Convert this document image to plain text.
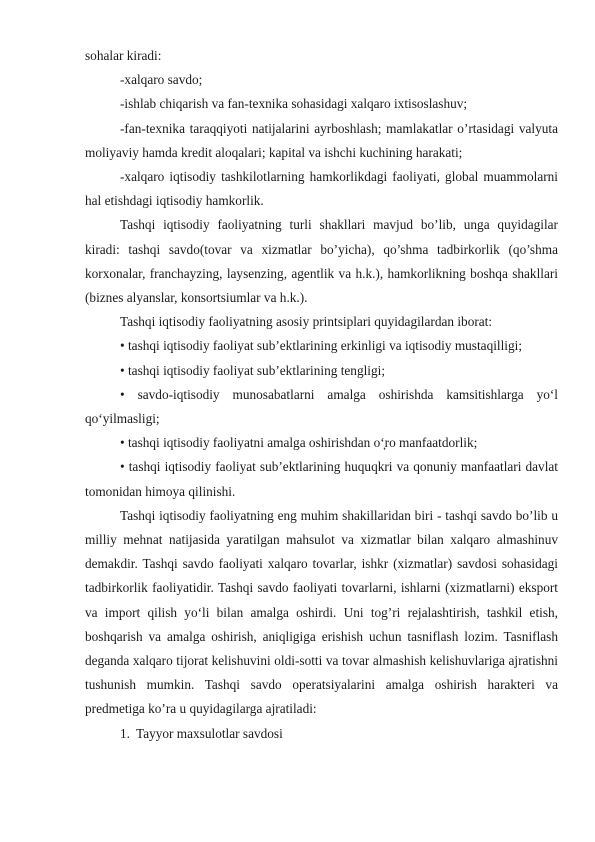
sohalar kiradi:

-xalqaro savdo;

-ishlab chiqarish va fan-texnika sohasidagi xalqaro ixtisoslashuv;

-fan-texnika taraqqiyoti natijalarini ayrboshlash; mamlakatlar o’rtasidagi valyuta moliyaviy hamda kredit aloqalari; kapital va ishchi kuchining harakati;

-xalqaro iqtisodiy tashkilotlarning hamkorlikdagi faoliyati, global muammolarni hal etishdagi iqtisodiy hamkorlik.

Tashqi iqtisodiy faoliyatning turli shakllari mavjud bo’lib, unga quyidagilar kiradi: tashqi savdo(tovar va xizmatlar bo’yicha), qo’shma tadbirkorlik (qo’shma korxonalar, franchayzing, laysenzing, agentlik va h.k.), hamkorlikning boshqa shakllari (biznes alyanslar, konsortsiumlar va h.k.).

Tashqi iqtisodiy faoliyatning asosiy printsiplari quyidagilardan iborat:

• tashqi iqtisodiy faoliyat sub’ektlarining erkinligi va iqtisodiy mustaqilligi;

• tashqi iqtisodiy faoliyat sub’ektlarining tengligi;

• savdo-iqtisodiy munosabatlarni amalga oshirishda kamsitishlarga yo‘l qo‘yilmasligi;

• tashqi iqtisodiy faoliyatni amalga oshirishdan oʻ͎ro manfaatdorlik;

• tashqi iqtisodiy faoliyat sub’ektlarining huquqkri va qonuniy manfaatlari davlat tomonidan himoya qilinishi.

Tashqi iqtisodiy faoliyatning eng muhim shakillaridan biri - tashqi savdo bo’lib u milliy mehnat natijasida yaratilgan mahsulot va xizmatlar bilan xalqaro almashinuv demakdir. Tashqi savdo faoliyati xalqaro tovarlar, ishkr (xizmatlar) savdosi sohasidagi tadbirkorlik faoliyatidir. Tashqi savdo faoliyati tovarlarni, ishlarni (xizmatlarni) eksport va import qilish yo‘li bilan amalga oshirdi. Uni tog’ri rejalashtirish, tashkil etish, boshqarish va amalga oshirish, aniqligiga erishish uchun tasniflash lozim. Tasniflash deganda xalqaro tijorat kelishuvini oldi-sotti va tovar almashish kelishuvlariga ajratishni tushunish mumkin. Tashqi savdo operatsiyalarini amalga oshirish harakteri va predmetiga ko’ra u quyidagilarga ajratiladi:

1. Tayyor maxsulotlar savdosi
